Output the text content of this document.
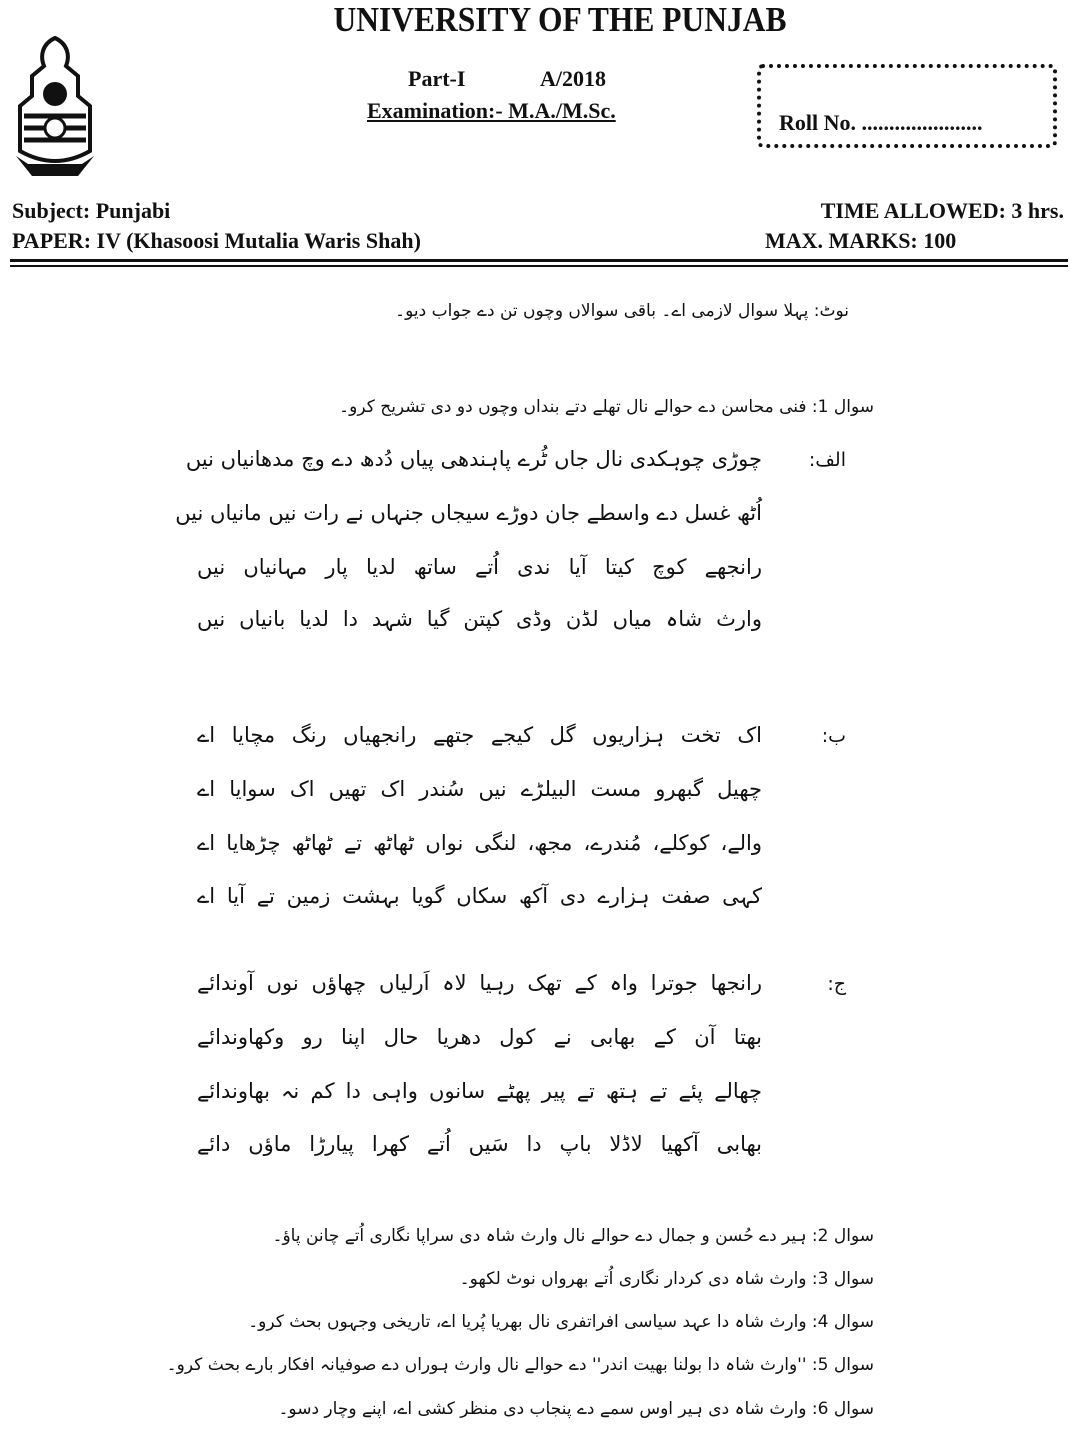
UNIVERSITY OF THE PUNJAB
Part-I	A/2018
Examination:- M.A./M.Sc.	Roll No. ......................
Subject: Punjabi
PAPER: IV (Khasoosi Mutalia Waris Shah)
TIME ALLOWED: 3 hrs.
MAX. MARKS: 100
نوٹ: پہلا سوال لازمی اے۔ باقی سوالاں وچوں تن دے جواب دیو۔
سوال 1: فنی محاسن دے حوالے نال تھلے دتے بنداں وچوں دو دی تشریح کرو۔
الف:
چوڑی چوہکدی نال جاں ٹُرے پاہندھی پیاں دُدھ دے وچ مدھانیاں نیں
اُٹھ غسل دے واسطے جان دوڑے سیجاں جنہاں نے رات نیں مانیاں نیں
رانجھے کوچ کیتا آیا ندی اُتے ساتھ لدیا پار مہانیاں نیں
وارث شاہ میاں لڈن وڈی کپتن گیا شہد دا لدیا بانیاں نیں
ب:
اک تخت ہزاریوں گل کیجے جتھے رانجھیاں رنگ مچایا اے
چھیل گبھرو مست البیلڑے نیں سُندر اک تھیں اک سوایا اے
والے، کوکلے، مُندرے، مجھ، لنگی نواں ٹھاٹھ تے ٹھاٹھ چڑھایا اے
کہی صفت ہزارے دی آکھ سکاں گویا بہشت زمین تے آیا اے
ج:
رانجھا جوترا واہ کے تھک رہیا لاہ اَرلیاں چھاؤں نوں آوندائے
بھتا آن کے بھابی نے کول دھریا حال اپنا رو وکھاوندائے
چھالے پئے تے ہتھ تے پیر پھٹے سانوں واہی دا کم نہ بھاوندائے
بھابی آکھیا لاڈلا باپ دا سَیں اُتے کھرا پیارڑا ماؤں دائے
سوال 2: ہیر دے حُسن و جمال دے حوالے نال وارث شاہ دی سراپا نگاری اُتے چانن پاؤ۔
سوال 3: وارث شاہ دی کردار نگاری اُتے بھرواں نوٹ لکھو۔
سوال 4: وارث شاہ دا عہد سیاسی افراتفری نال بھریا پُریا اے، تاریخی وجہوں بحث کرو۔
سوال 5: ''وارث شاہ دا بولنا بھیت اندر'' دے حوالے نال وارث ہوراں دے صوفیانہ افکار بارے بحث کرو۔
سوال 6: وارث شاہ دی ہیر اوس سمے دے پنجاب دی منظر کشی اے، اپنے وچار دسو۔
